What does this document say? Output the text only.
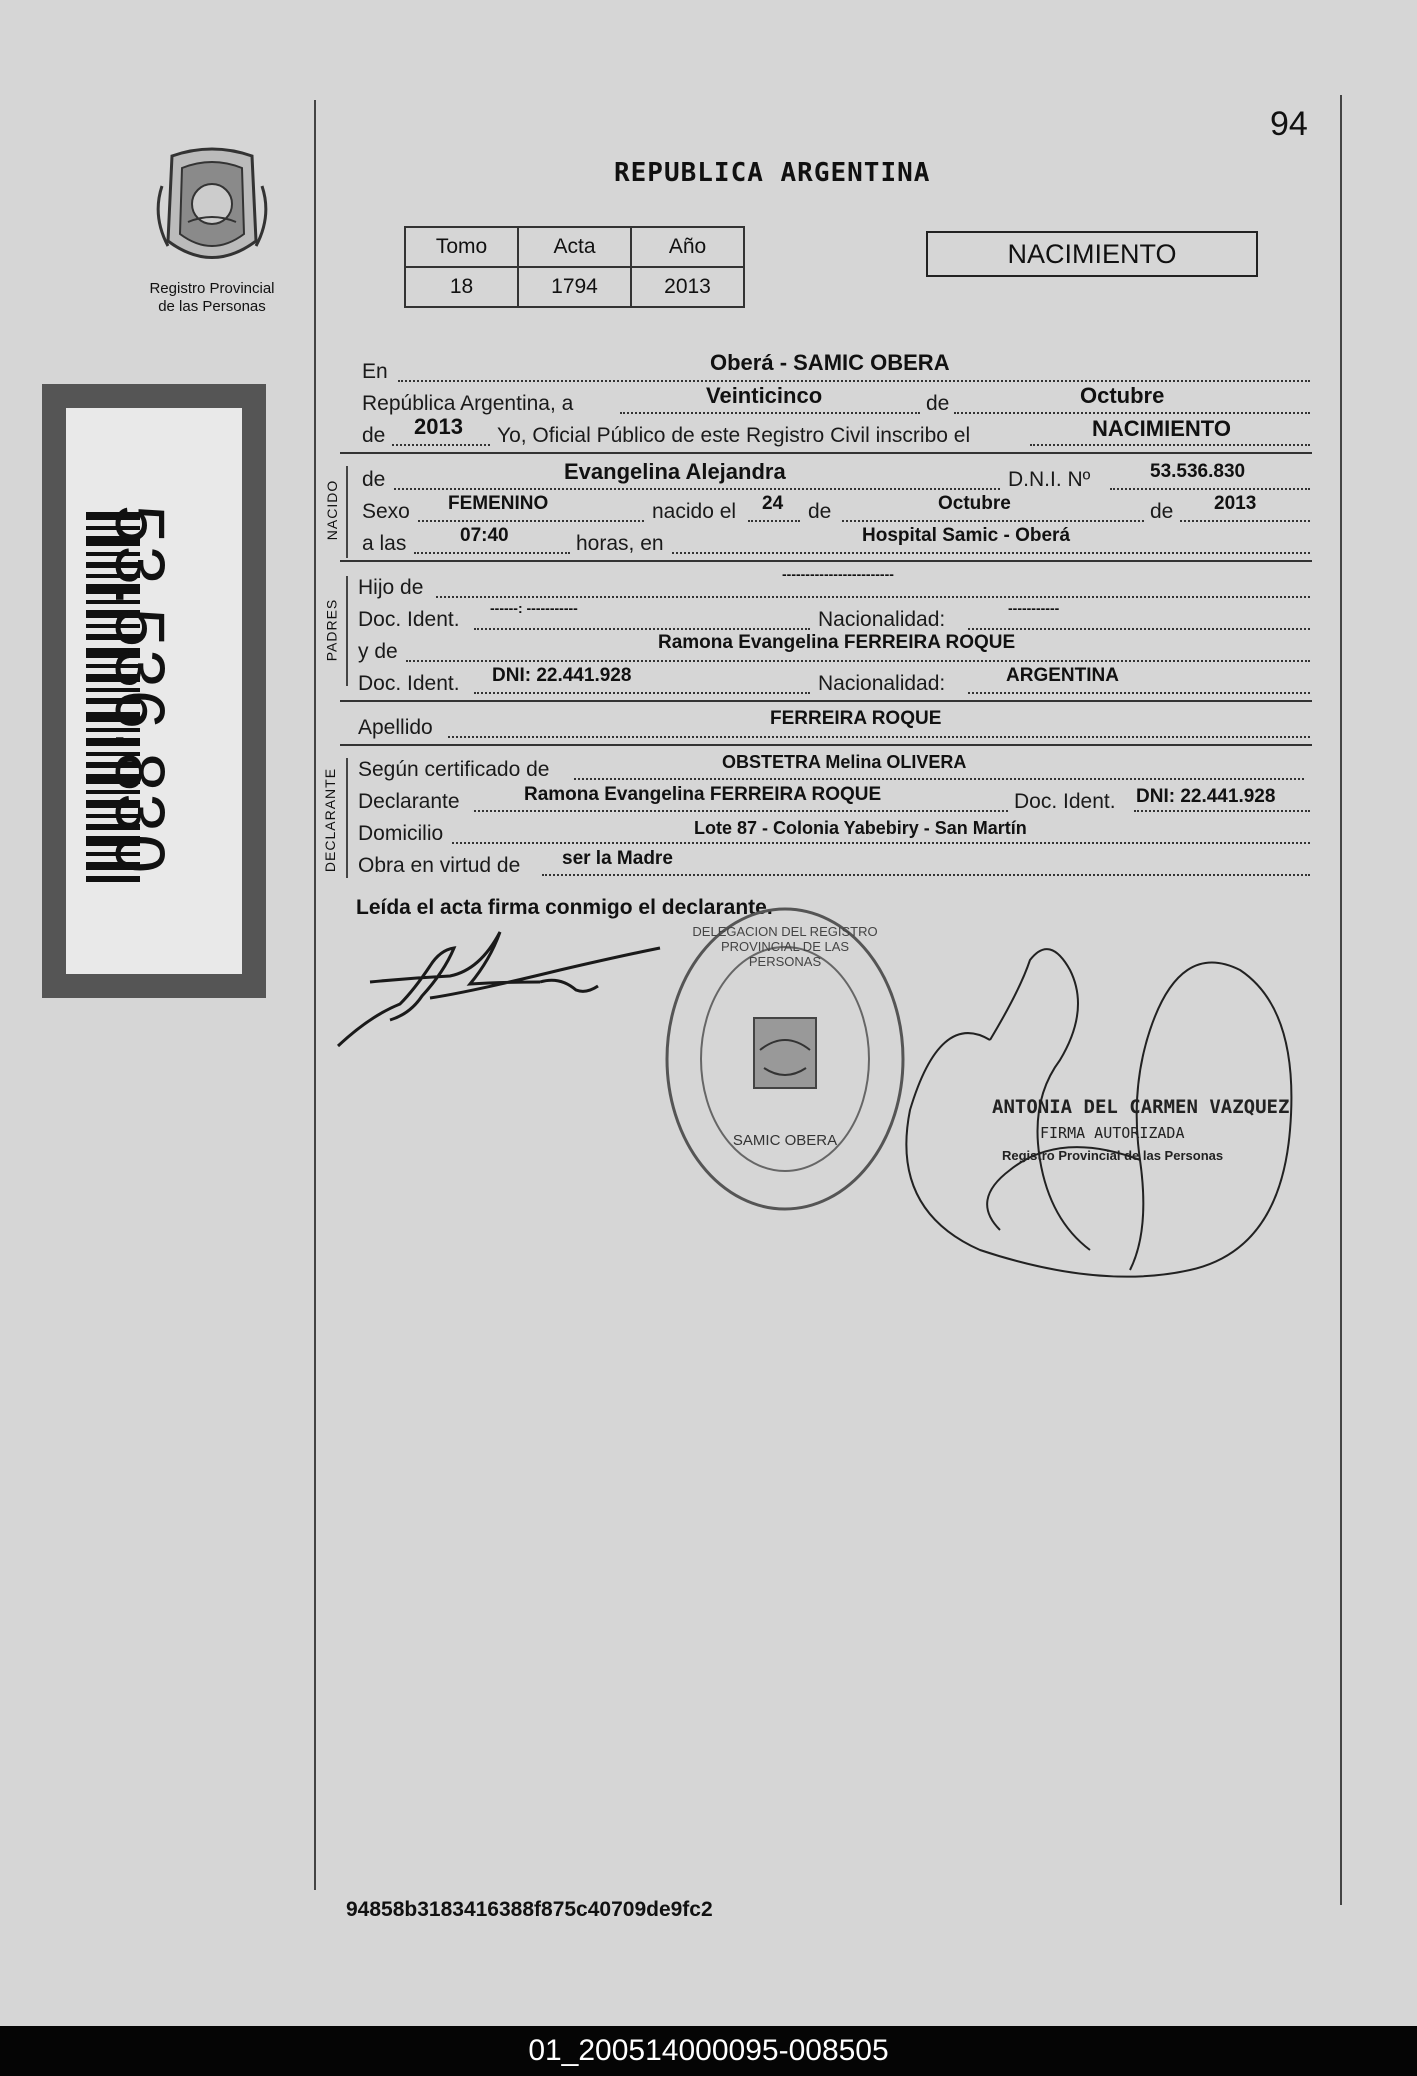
94
REPUBLICA ARGENTINA
Registro Provincial
de las Personas
53.536.830
Tomo	Acta	Año
18	1794	2013
NACIMIENTO
En	Oberá - SAMIC OBERA
República Argentina, a	Veinticinco	de	Octubre
de 2013 Yo, Oficial Público de este Registro Civil inscribo el	NACIMIENTO
NACIDO
de	Evangelina Alejandra	D.N.I. Nº	53.536.830
Sexo FEMENINO	nacido el 24 de	Octubre	de 2013
a las	07:40	horas, en	Hospital Samic - Oberá
PADRES
Hijo de
------------------------
Doc. Ident. ------: -----------	Nacionalidad:	-----------
y de	Ramona Evangelina FERREIRA ROQUE
Doc. Ident. DNI: 22.441.928	Nacionalidad:	ARGENTINA
Apellido	FERREIRA ROQUE
DECLARANTE Según certificado de	OBSTETRA Melina OLIVERA
Declarante	Ramona Evangelina FERREIRA ROQUE	Doc. Ident. DNI: 22.441.928
Domicilio	Lote 87 - Colonia Yabebiry - San Martín
Obra en virtud de ser la Madre
Leída el acta firma conmigo el declarante.
DELEGACION DEL REGISTRO PROVINCIAL DE LAS PERSONAS
SAMIC OBERA
ANTONIA DEL CARMEN VAZQUEZ
FIRMA AUTORIZADA
Registro Provincial de las Personas
94858b3183416388f875c40709de9fc2
01_200514000095-008505
